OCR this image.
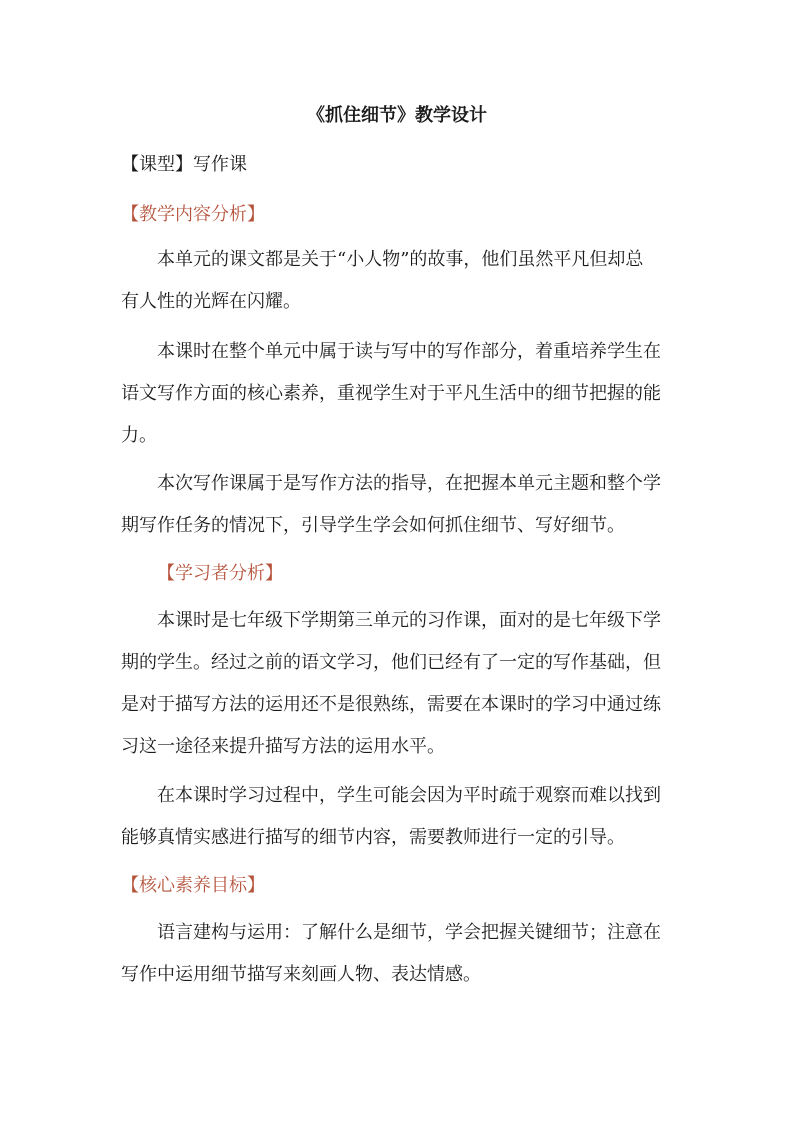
《抓住细节》教学设计
【课型】写作课
【教学内容分析】
本单元的课文都是关于“小人物”的故事，他们虽然平凡但却总
有人性的光辉在闪耀。
本课时在整个单元中属于读与写中的写作部分，着重培养学生在
语文写作方面的核心素养，重视学生对于平凡生活中的细节把握的能
力。
本次写作课属于是写作方法的指导，在把握本单元主题和整个学
期写作任务的情况下，引导学生学会如何抓住细节、写好细节。
【学习者分析】
本课时是七年级下学期第三单元的习作课，面对的是七年级下学
期的学生。经过之前的语文学习，他们已经有了一定的写作基础，但
是对于描写方法的运用还不是很熟练，需要在本课时的学习中通过练
习这一途径来提升描写方法的运用水平。
在本课时学习过程中，学生可能会因为平时疏于观察而难以找到
能够真情实感进行描写的细节内容，需要教师进行一定的引导。
【核心素养目标】
语言建构与运用：了解什么是细节，学会把握关键细节；注意在
写作中运用细节描写来刻画人物、表达情感。
